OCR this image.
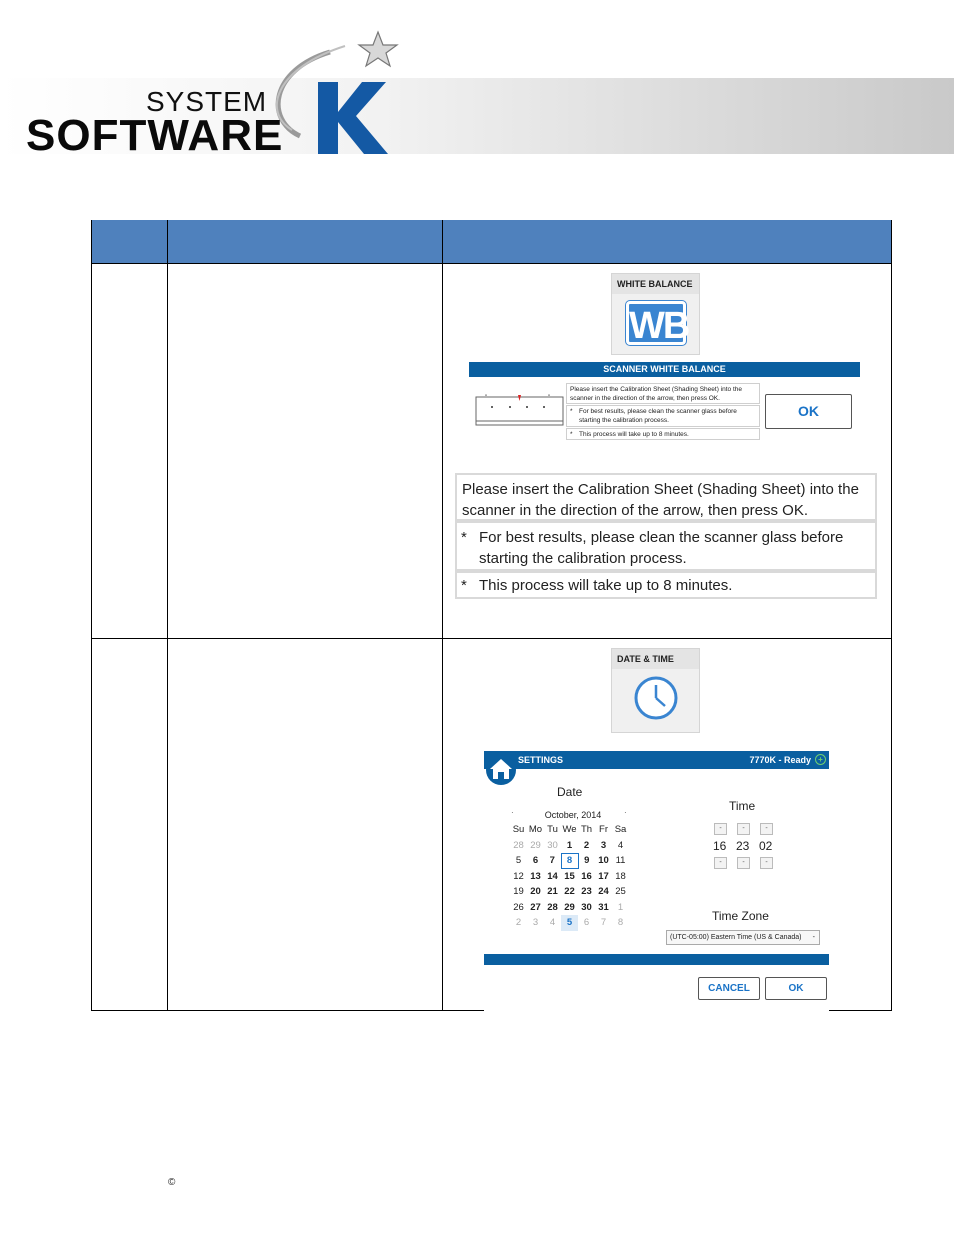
SYSTEM
SOFTWARE
WHITE BALANCE
WB
SCANNER WHITE BALANCE
"	"
Please insert the Calibration Sheet (Shading Sheet) into the scanner in the direction of the arrow, then press OK.
* For best results, please clean the scanner glass before starting the calibration process.
* This process will take up to 8 minutes.
OK
Please insert the Calibration Sheet (Shading Sheet) into the scanner in the direction of the arrow, then press OK.
* For best results, please clean the scanner glass before starting the calibration process.
* This process will take up to 8 minutes.
DATE & TIME
SETTINGS	7770K - Ready +
Date
October, 2014
·	·
Su	Mo	Tu	We	Th	Fr	Sa
28	29	30	1	2	3	4
5	6	7	8	9	10	11
12	13	14	15	16	17	18
19	20	21	22	23	24	25
26	27	28	29	30	31	1
2	3	4	5	6	7	8
Time
-	-	-
16 23 02
-	-	-
Time Zone
(UTC-05:00) Eastern Time (US & Canada) -
CANCEL	OK
©
